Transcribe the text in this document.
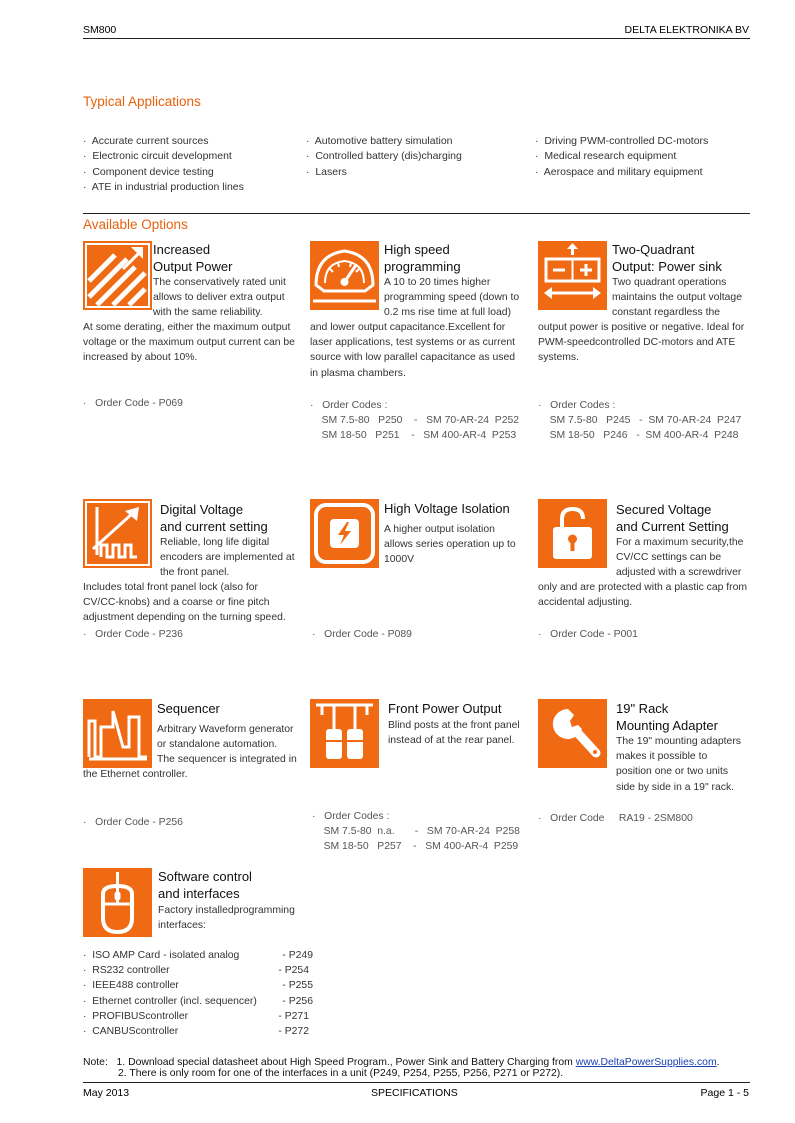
SM800	DELTA ELEKTRONIKA BV
Typical Applications
·  Accurate current sources
·  Electronic circuit development
·  Component device testing
·  ATE in industrial production lines
·  Automotive battery simulation
·  Controlled battery (dis)charging
·  Lasers
·  Driving PWM-controlled DC-motors
·  Medical research equipment
·  Aerospace and military equipment
Available Options
Increased
Output Power
The conservatively rated unit
allows to deliver extra output
with the same reliability.
At some derating, either the maximum output
voltage or the maximum output current can be
increased by about 10%.
·   Order Code - P069
High speed
programming
A 10 to 20 times higher
programming speed (down to
0.2 ms rise time at full load)
and lower output capacitance.Excellent for
laser applications, test systems or as current
source with low parallel capacitance as used
in plasma chambers.
·   Order Codes :
SM 7.5-80   P250    -   SM 70-AR-24  P252
SM 18-50   P251    -   SM 400-AR-4  P253
Two-Quadrant
Output: Power sink
Two quadrant operations
maintains the output voltage
constant regardless the
output power is positive or negative. Ideal for
PWM-speedcontrolled DC-motors and ATE
systems.
·   Order Codes :
SM 7.5-80   P245   -  SM 70-AR-24  P247
SM 18-50   P246   -  SM 400-AR-4  P248
Digital Voltage
and current setting
Reliable, long life digital
encoders are implemented at
the front panel.
Includes total front panel lock (also for
CV/CC-knobs) and a coarse or fine pitch
adjustment depending on the turning speed.
·   Order Code - P236
High Voltage Isolation
A higher output isolation
allows series operation up to
1000V
·   Order Code - P089
Secured Voltage
and Current Setting
For a maximum security,the
CV/CC settings can be
adjusted with a screwdriver
only and are protected with a plastic cap from
accidental adjusting.
·   Order Code - P001
Sequencer
Arbitrary Waveform generator
or standalone automation.
The sequencer is integrated in
the Ethernet controller.
·   Order Code - P256
Front Power Output
Blind posts at the front panel
instead of at the rear panel.
·   Order Codes :
SM 7.5-80  n.a.       -   SM 70-AR-24  P258
SM 18-50   P257    -   SM 400-AR-4  P259
19" Rack
Mounting Adapter
The 19" mounting adapters
makes it possible to
position one or two units
side by side in a 19" rack.
·   Order Code     RA19 - 2SM800
Software control
and interfaces
Factory installedprogramming
interfaces:
·  ISO AMP Card - isolated analog	- P249
·  RS232 controller	- P254
·  IEEE488 controller	- P255
·  Ethernet controller (incl. sequencer) - P256
·  PROFIBUScontroller	- P271
·  CANBUScontroller	- P272
Note: 1. Download special datasheet about High Speed Program., Power Sink and Battery Charging from www.DeltaPowerSupplies.com.
2. There is only room for one of the interfaces in a unit (P249, P254, P255, P256, P271 or P272).
May 2013	SPECIFICATIONS	Page 1 - 5
